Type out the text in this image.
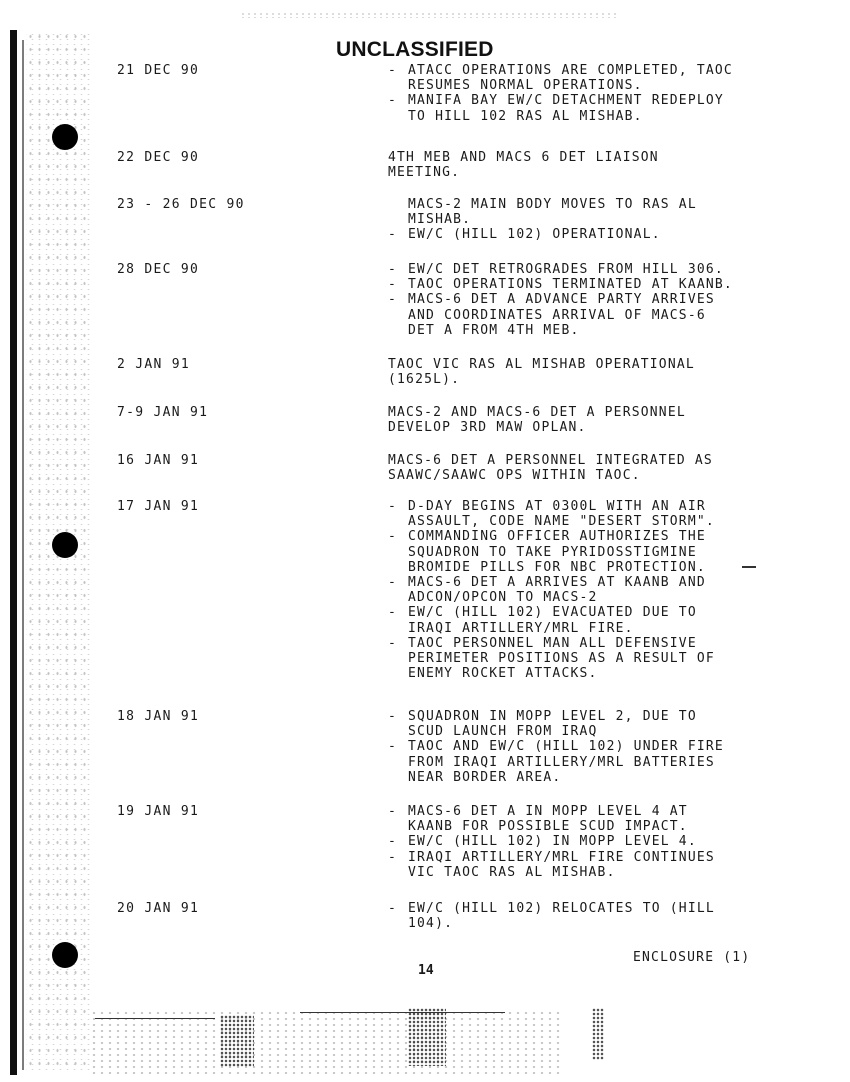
UNCLASSIFIED
21 DEC 90	- ATACC OPERATIONS ARE COMPLETED, TAOC
RESUMES NORMAL OPERATIONS.
- MANIFA BAY EW/C DETACHMENT REDEPLOY
TO HILL 102 RAS AL MISHAB.
22 DEC 90	4TH MEB AND MACS 6 DET LIAISON
MEETING.
23 - 26 DEC 90	MACS-2 MAIN BODY MOVES TO RAS AL
MISHAB.
- EW/C (HILL 102) OPERATIONAL.
28 DEC 90	- EW/C DET RETROGRADES FROM HILL 306.
- TAOC OPERATIONS TERMINATED AT KAANB.
- MACS-6 DET A ADVANCE PARTY ARRIVES
AND COORDINATES ARRIVAL OF MACS-6
DET A FROM 4TH MEB.
2 JAN 91	TAOC VIC RAS AL MISHAB OPERATIONAL
(1625L).
7-9 JAN 91	MACS-2 AND MACS-6 DET A PERSONNEL
DEVELOP 3RD MAW OPLAN.
16 JAN 91	MACS-6 DET A PERSONNEL INTEGRATED AS
SAAWC/SAAWC OPS WITHIN TAOC.
17 JAN 91	- D-DAY BEGINS AT 0300L WITH AN AIR
ASSAULT, CODE NAME "DESERT STORM".
- COMMANDING OFFICER AUTHORIZES THE
SQUADRON TO TAKE PYRIDOSSTIGMINE
BROMIDE PILLS FOR NBC PROTECTION.
- MACS-6 DET A ARRIVES AT KAANB AND
ADCON/OPCON TO MACS-2
- EW/C (HILL 102) EVACUATED DUE TO
IRAQI ARTILLERY/MRL FIRE.
- TAOC PERSONNEL MAN ALL DEFENSIVE
PERIMETER POSITIONS AS A RESULT OF
ENEMY ROCKET ATTACKS.
18 JAN 91	- SQUADRON IN MOPP LEVEL 2, DUE TO
SCUD LAUNCH FROM IRAQ
- TAOC AND EW/C (HILL 102) UNDER FIRE
FROM IRAQI ARTILLERY/MRL BATTERIES
NEAR BORDER AREA.
19 JAN 91	- MACS-6 DET A IN MOPP LEVEL 4 AT
KAANB FOR POSSIBLE SCUD IMPACT.
- EW/C (HILL 102) IN MOPP LEVEL 4.
- IRAQI ARTILLERY/MRL FIRE CONTINUES
VIC TAOC RAS AL MISHAB.
20 JAN 91	- EW/C (HILL 102) RELOCATES TO (HILL
104).
14
ENCLOSURE (1)
